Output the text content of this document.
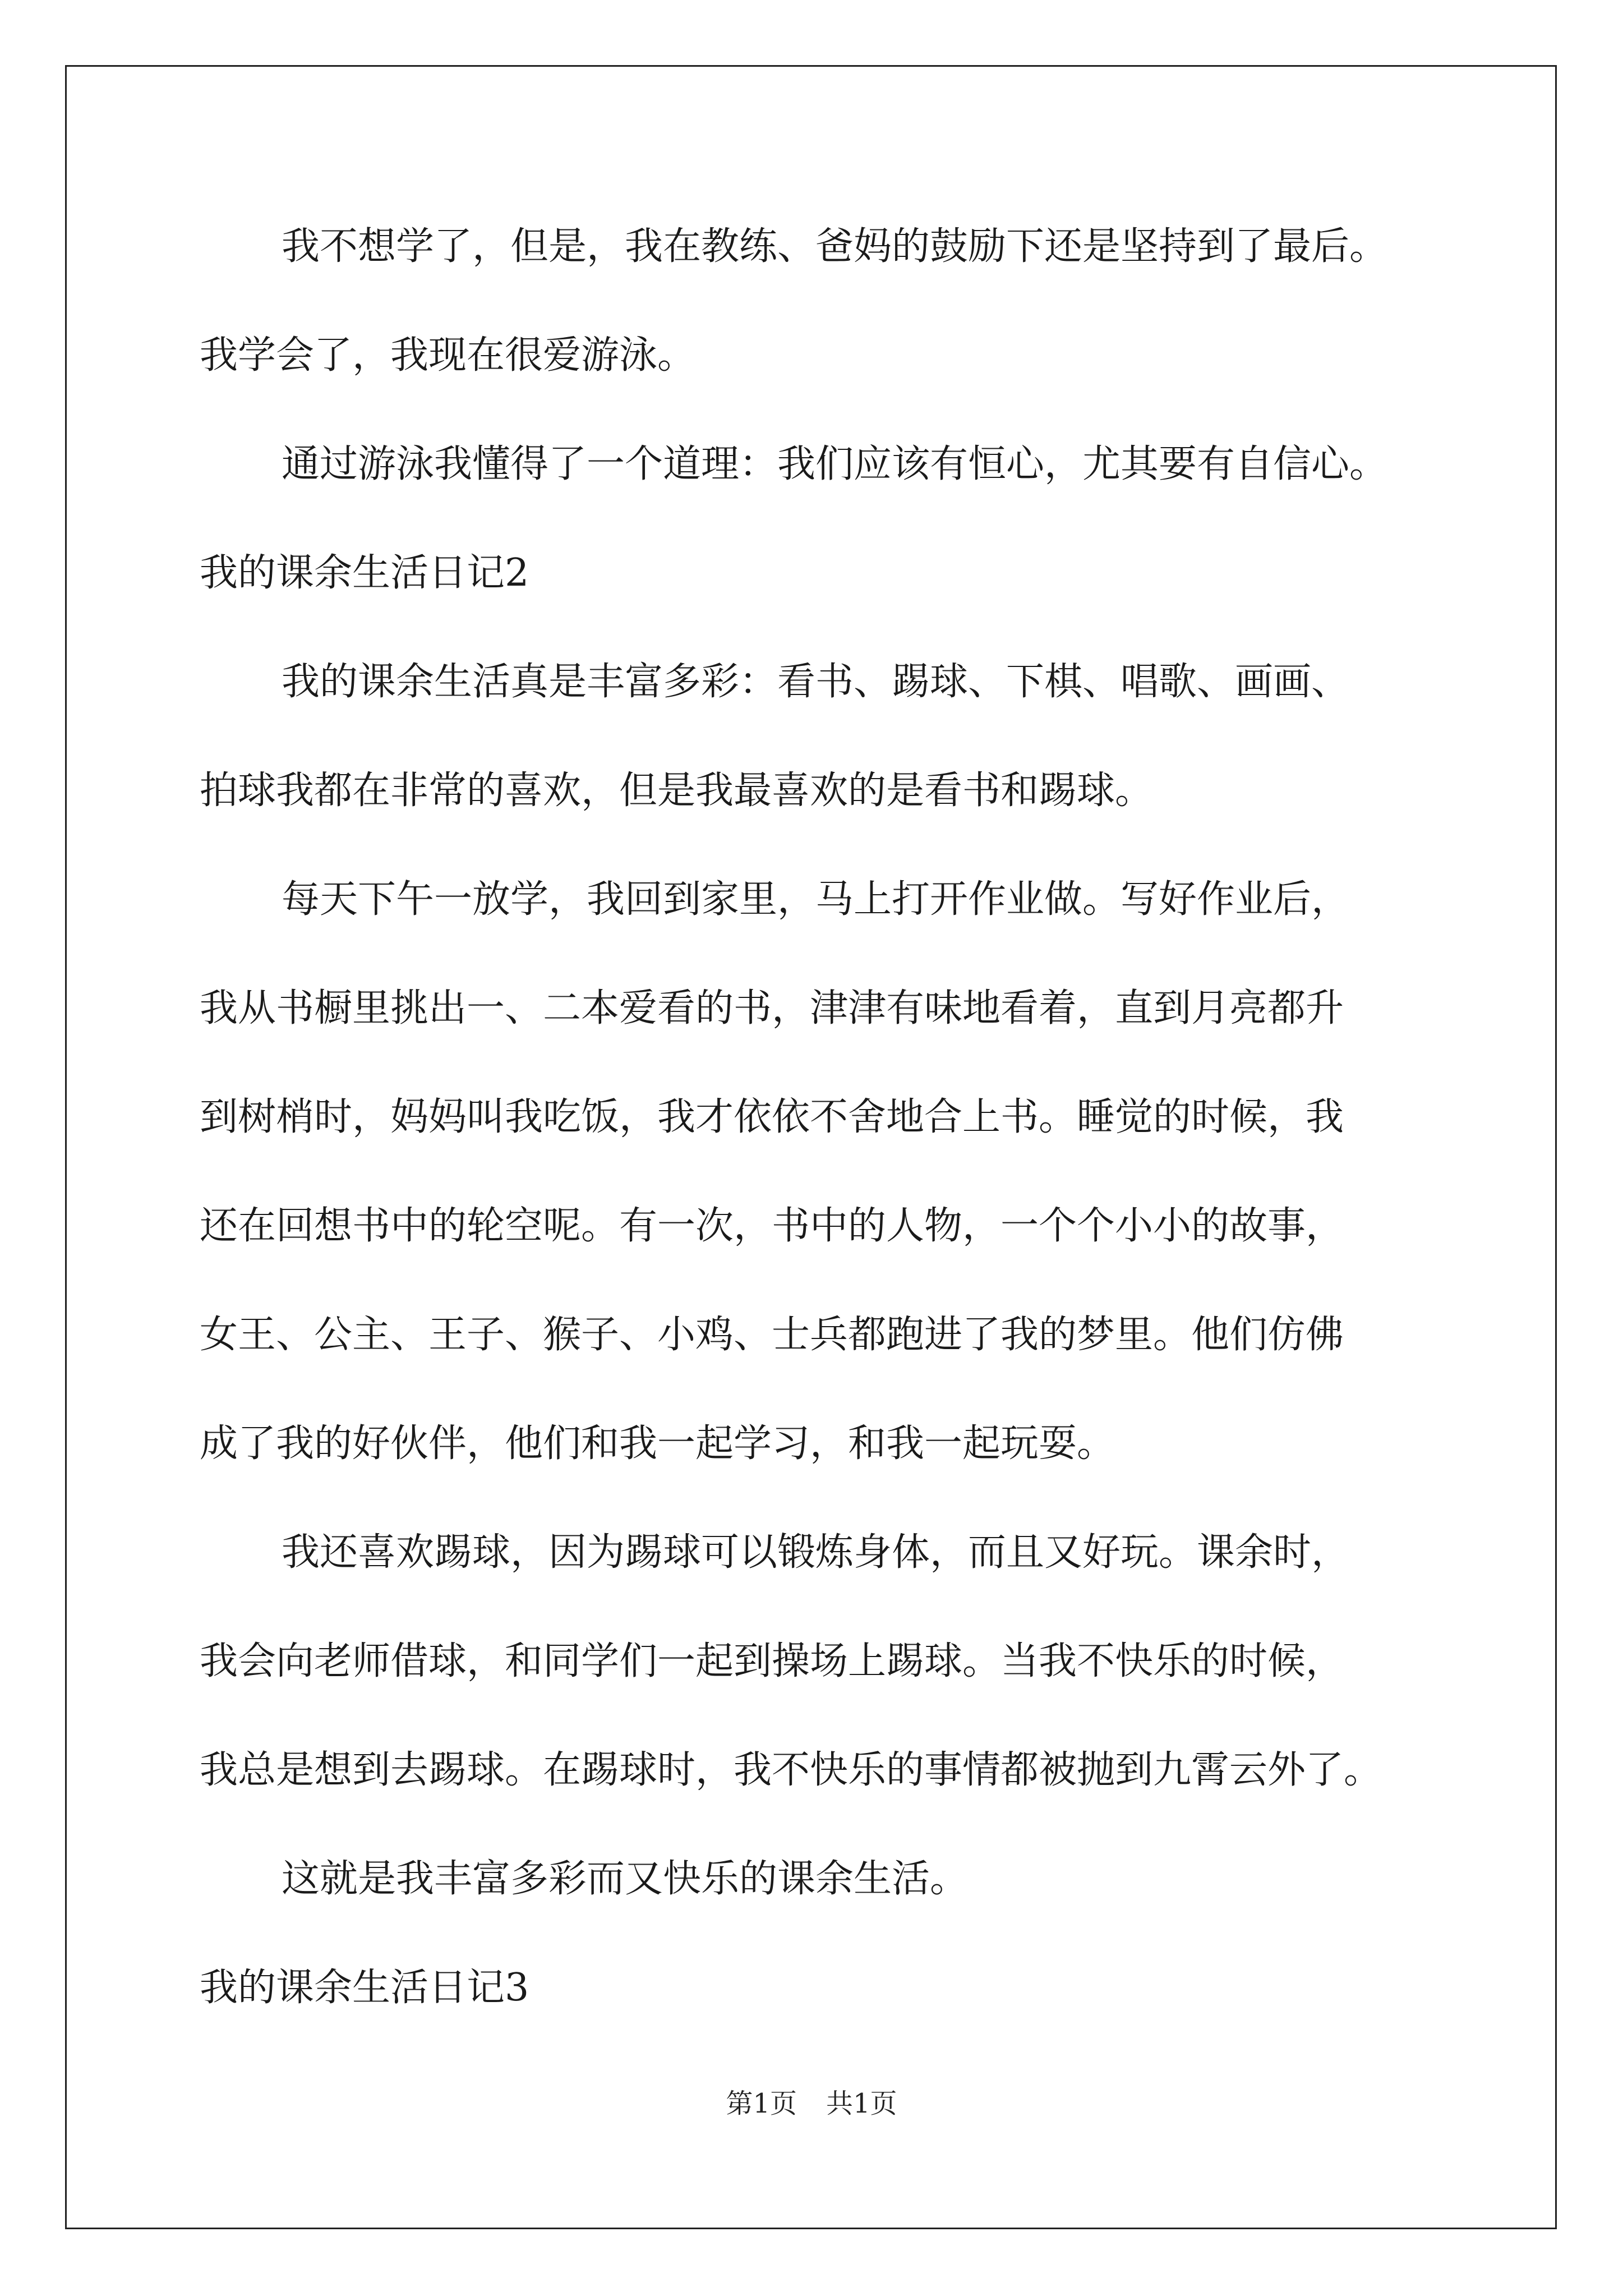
我不想学了，但是，我在教练、爸妈的鼓励下还是坚持到了最后。
我学会了，我现在很爱游泳。
通过游泳我懂得了一个道理：我们应该有恒心，尤其要有自信心。
我的课余生活日记2
我的课余生活真是丰富多彩：看书、踢球、下棋、唱歌、画画、
拍球我都在非常的喜欢，但是我最喜欢的是看书和踢球。
每天下午一放学，我回到家里，马上打开作业做。写好作业后，
我从书橱里挑出一、二本爱看的书，津津有味地看着，直到月亮都升
到树梢时，妈妈叫我吃饭，我才依依不舍地合上书。睡觉的时候，我
还在回想书中的轮空呢。有一次，书中的人物，一个个小小的故事，
女王、公主、王子、猴子、小鸡、士兵都跑进了我的梦里。他们仿佛
成了我的好伙伴，他们和我一起学习，和我一起玩耍。
我还喜欢踢球，因为踢球可以锻炼身体，而且又好玩。课余时，
我会向老师借球，和同学们一起到操场上踢球。当我不快乐的时候，
我总是想到去踢球。在踢球时，我不快乐的事情都被抛到九霄云外了。
这就是我丰富多彩而又快乐的课余生活。
我的课余生活日记3
第1页 共1页
